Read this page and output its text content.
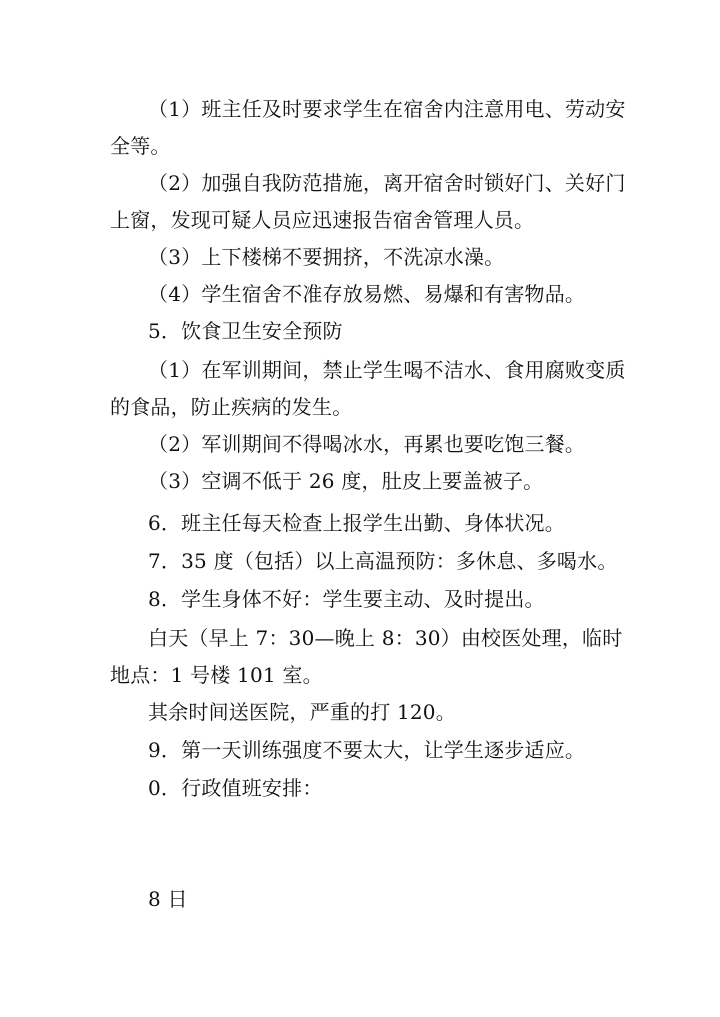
（1）班主任及时要求学生在宿舍内注意用电、劳动安全等。

（2）加强自我防范措施，离开宿舍时锁好门、关好门上窗，发现可疑人员应迅速报告宿舍管理人员。

（3）上下楼梯不要拥挤，不洗凉水澡。

（4）学生宿舍不准存放易燃、易爆和有害物品。

5．饮食卫生安全预防

（1）在军训期间，禁止学生喝不洁水、食用腐败变质的食品，防止疾病的发生。

（2）军训期间不得喝冰水，再累也要吃饱三餐。

（3）空调不低于 26 度，肚皮上要盖被子。

6．班主任每天检查上报学生出勤、身体状况。

7．35 度（包括）以上高温预防：多休息、多喝水。

8．学生身体不好：学生要主动、及时提出。

白天（早上 7：30—晚上 8：30）由校医处理，临时地点：1 号楼 101 室。

其余时间送医院，严重的打 120。

9．第一天训练强度不要太大，让学生逐步适应。

0．行政值班安排：

8 日
